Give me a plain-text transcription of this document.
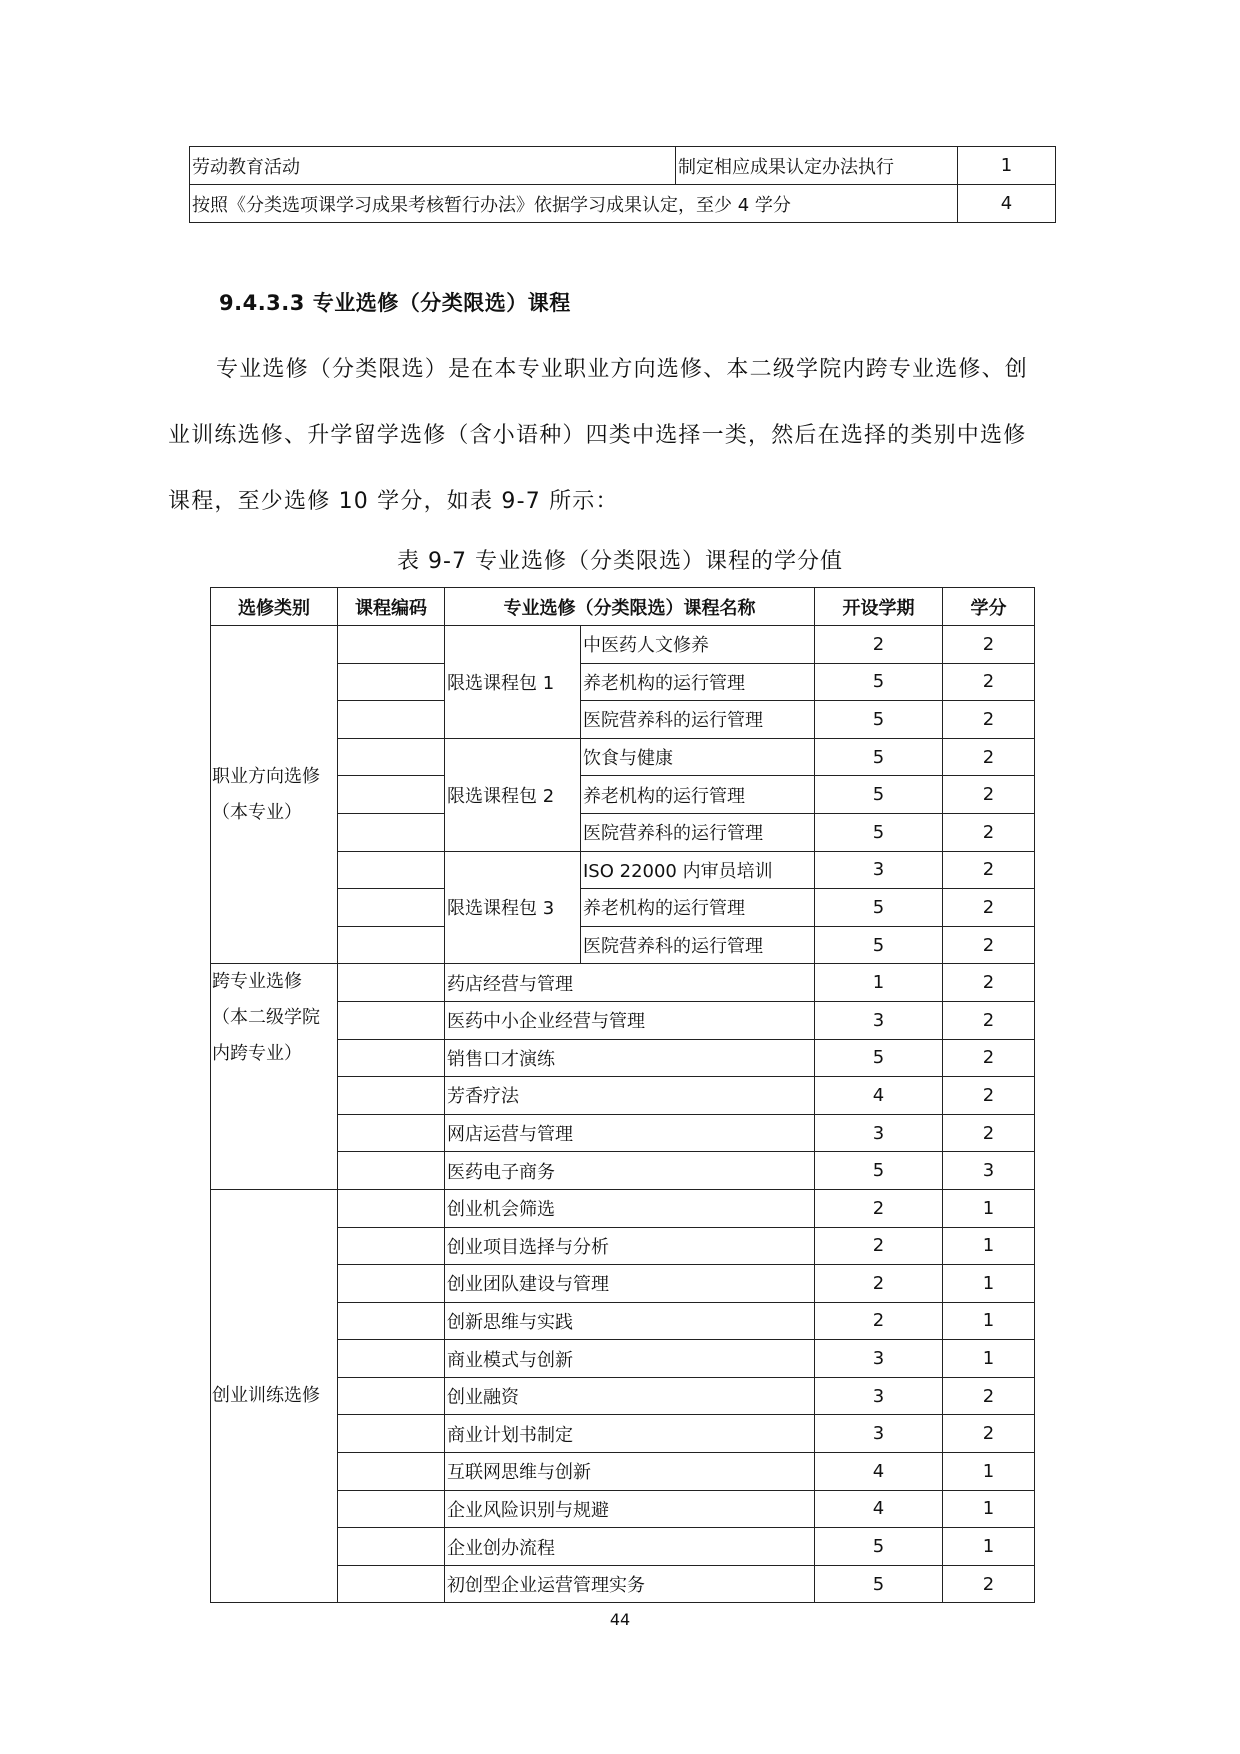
劳动教育活动	制定相应成果认定办法执行	1
按照《分类选项课学习成果考核暂行办法》依据学习成果认定，至少 4 学分		4
9.4.3.3 专业选修（分类限选）课程
专业选修（分类限选）是在本专业职业方向选修、本二级学院内跨专业选修、创
业训练选修、升学留学选修（含小语种）四类中选择一类，然后在选择的类别中选修
课程，至少选修 10 学分，如表 9-7 所示：
表 9-7 专业选修（分类限选）课程的学分值
选修类别	课程编码	专业选修（分类限选）课程名称		开设学期	学分

职业方向选修
（本专业）		限选课程包 1	中医药人文修养	2	2
			养老机构的运行管理	5	2
			医院营养科的运行管理	5	2
		限选课程包 2	饮食与健康	5	2
			养老机构的运行管理	5	2
			医院营养科的运行管理	5	2
		限选课程包 3	ISO 22000 内审员培训	3	2
			养老机构的运行管理	5	2
			医院营养科的运行管理	5	2

跨专业选修
（本二级学院
内跨专业）		药店经营与管理		1	2
		医药中小企业经营与管理		3	2
		销售口才演练		5	2
		芳香疗法		4	2
		网店运营与管理		3	2
		医药电子商务		5	3

创业训练选修		创业机会筛选		2	1
		创业项目选择与分析		2	1
		创业团队建设与管理		2	1
		创新思维与实践		2	1
		商业模式与创新		3	1
		创业融资		3	2
		商业计划书制定		3	2
		互联网思维与创新		4	1
		企业风险识别与规避		4	1
		企业创办流程		5	1
		初创型企业运营管理实务		5	2
44
